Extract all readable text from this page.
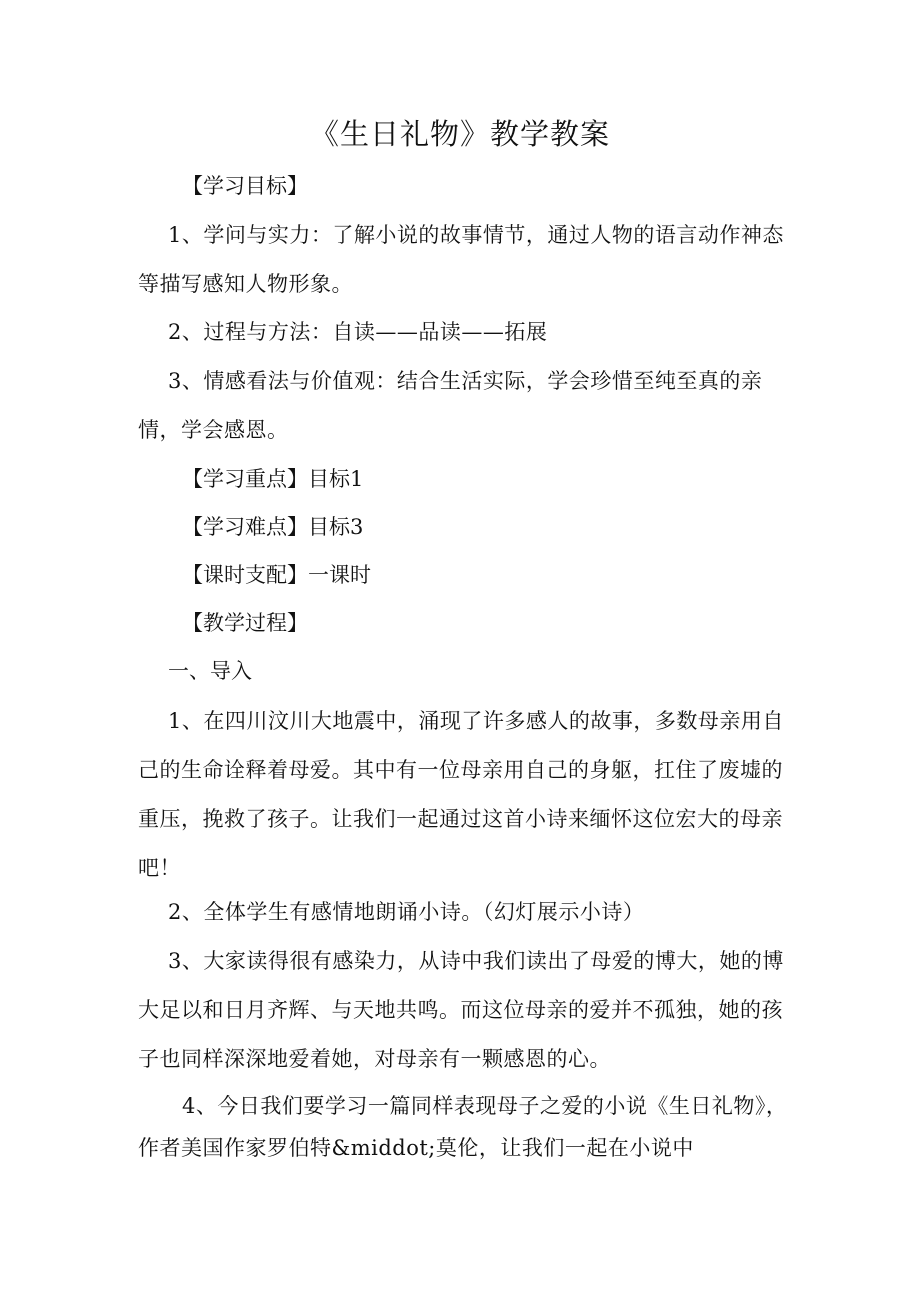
《生日礼物》教学教案

【学习目标】

1、学问与实力：了解小说的故事情节，通过人物的语言动作神态等描写感知人物形象。

2、过程与方法：自读——品读——拓展

3、情感看法与价值观：结合生活实际，学会珍惜至纯至真的亲情，学会感恩。

【学习重点】目标1

【学习难点】目标3

【课时支配】一课时

【教学过程】

一、导入

1、在四川汶川大地震中，涌现了许多感人的故事，多数母亲用自己的生命诠释着母爱。其中有一位母亲用自己的身躯，扛住了废墟的重压，挽救了孩子。让我们一起通过这首小诗来缅怀这位宏大的母亲吧！

2、全体学生有感情地朗诵小诗。（幻灯展示小诗）

3、大家读得很有感染力，从诗中我们读出了母爱的博大，她的博大足以和日月齐辉、与天地共鸣。而这位母亲的爱并不孤独，她的孩子也同样深深地爱着她，对母亲有一颗感恩的心。

4、今日我们要学习一篇同样表现母子之爱的小说《生日礼物》，作者美国作家罗伯特&middot;莫伦，让我们一起在小说中
